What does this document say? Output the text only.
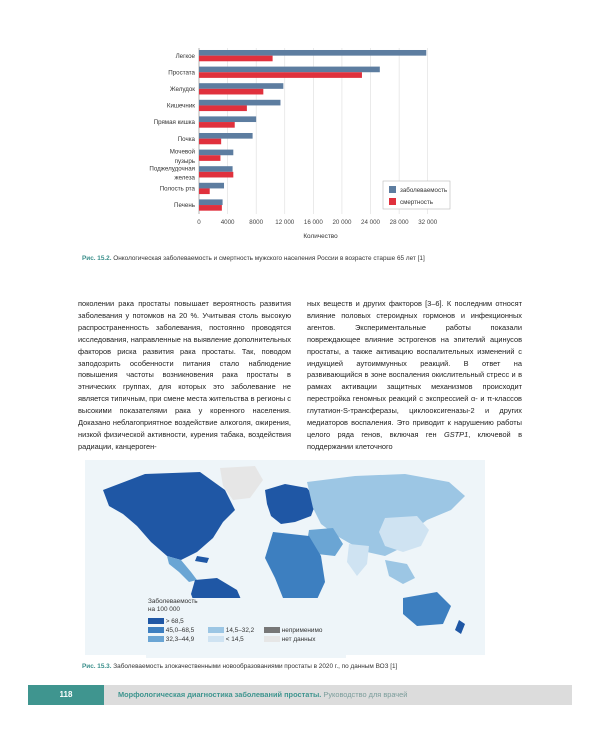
0	4000 8000 12 000 16 000 20 000 24 000 28 000 32 000
Легкое
Простата
Желудок
Кишечник
Прямая кишка
Почка
Мочевой
пузырь
Поджелудочная
железа
Полость рта
Печень
Количество
заболеваемость
смертность
Рис. 15.2. Онкологическая заболеваемость и смертность мужского населения России в возрасте старше 65 лет [1]

поколении рака простаты повышает вероятность развития заболевания у потомков на 20 %. Учитывая столь высокую распространенность заболевания, постоянно проводятся исследования, направленные на выявление дополнительных факторов риска развития рака простаты. Так, поводом заподозрить особенности питания стало наблюдение повышения частоты возникновения рака простаты в этнических группах, для которых это заболевание не является типичным, при смене места жительства в регионы с высокими показателями рака у коренного населения. Доказано неблагоприятное воздействие алкоголя, ожирения, низкой физической активности, курения табака, воздействия радиации, канцероген-

ных веществ и других факторов [3–6]. К последним относят влияние половых стероидных гормонов и инфекционных агентов. Экспериментальные работы показали повреждающее влияние эстрогенов на эпителий ацинусов простаты, а также активацию воспалительных изменений с индукцией аутоиммунных реакций. В ответ на развивающийся в зоне воспаления окислительный стресс и в рамках активации защитных механизмов происходит перестройка геномных реакций с экспрессией α- и π-классов глутатион-S-трансферазы, циклооксигеназы-2 и других медиаторов воспаления. Это приводит к нарушению работы целого ряда генов, включая ген GSTP1, ключевой в поддержании клеточного

Заболеваемость
на 100 000
> 68,5
45,0–68,5
32,3–44,9
14,5–32,2
< 14,5
неприменимо
нет данных
Рис. 15.3. Заболеваемость злокачественными новообразованиями простаты в 2020 г., по данным ВОЗ [1]
118	Морфологическая диагностика заболеваний простаты. Руководство для врачей
